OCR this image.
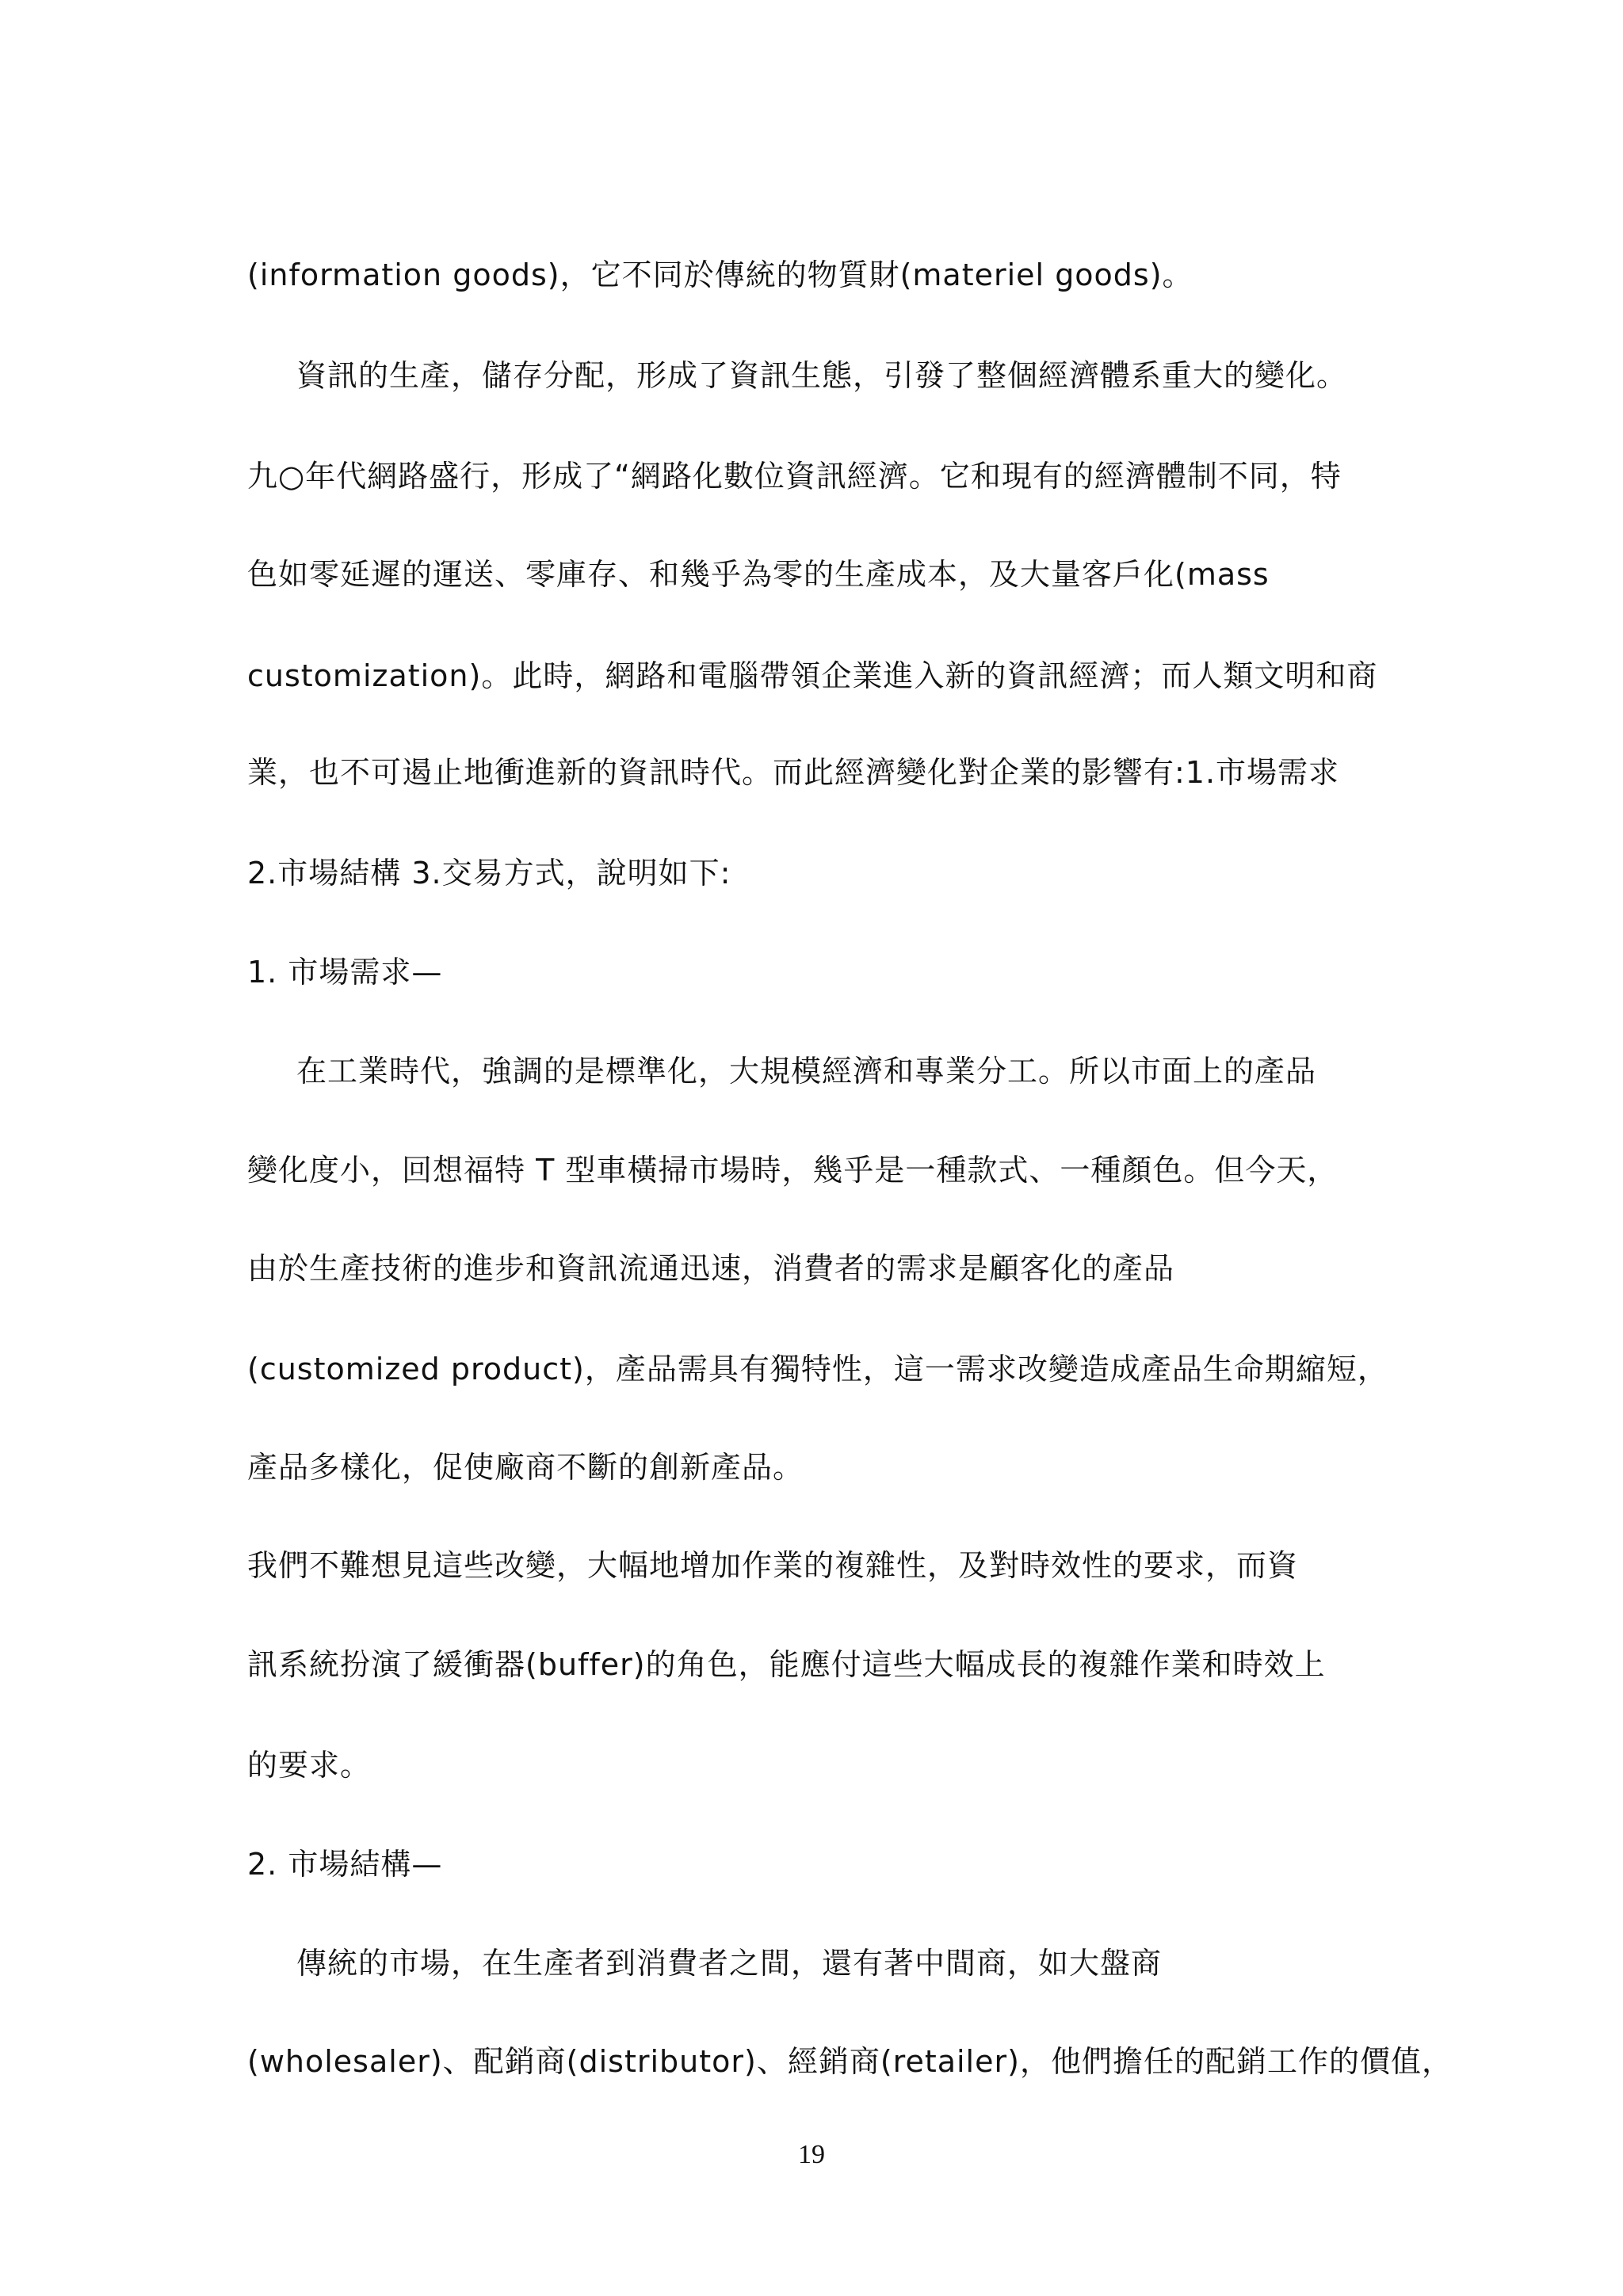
(information goods)，它不同於傳統的物質財(materiel goods)。
資訊的生產，儲存分配，形成了資訊生態，引發了整個經濟體系重大的變化。
九○年代網路盛行，形成了“網路化數位資訊經濟。它和現有的經濟體制不同，特
色如零延遲的運送、零庫存、和幾乎為零的生產成本，及大量客戶化(mass
customization)。此時，網路和電腦帶領企業進入新的資訊經濟；而人類文明和商
業，也不可遏止地衝進新的資訊時代。而此經濟變化對企業的影響有:1.市場需求
2.市場結構 3.交易方式，說明如下:
1. 市場需求—
在工業時代，強調的是標準化，大規模經濟和專業分工。所以市面上的產品
變化度小，回想福特 T 型車橫掃市場時，幾乎是一種款式、一種顏色。但今天，
由於生產技術的進步和資訊流通迅速，消費者的需求是顧客化的產品
(customized product)，產品需具有獨特性，這一需求改變造成產品生命期縮短，
產品多樣化，促使廠商不斷的創新產品。
我們不難想見這些改變，大幅地增加作業的複雜性，及對時效性的要求，而資
訊系統扮演了緩衝器(buffer)的角色，能應付這些大幅成長的複雜作業和時效上
的要求。
2. 市場結構—
傳統的市場，在生產者到消費者之間，還有著中間商，如大盤商
(wholesaler)、配銷商(distributor)、經銷商(retailer)，他們擔任的配銷工作的價值，
19
